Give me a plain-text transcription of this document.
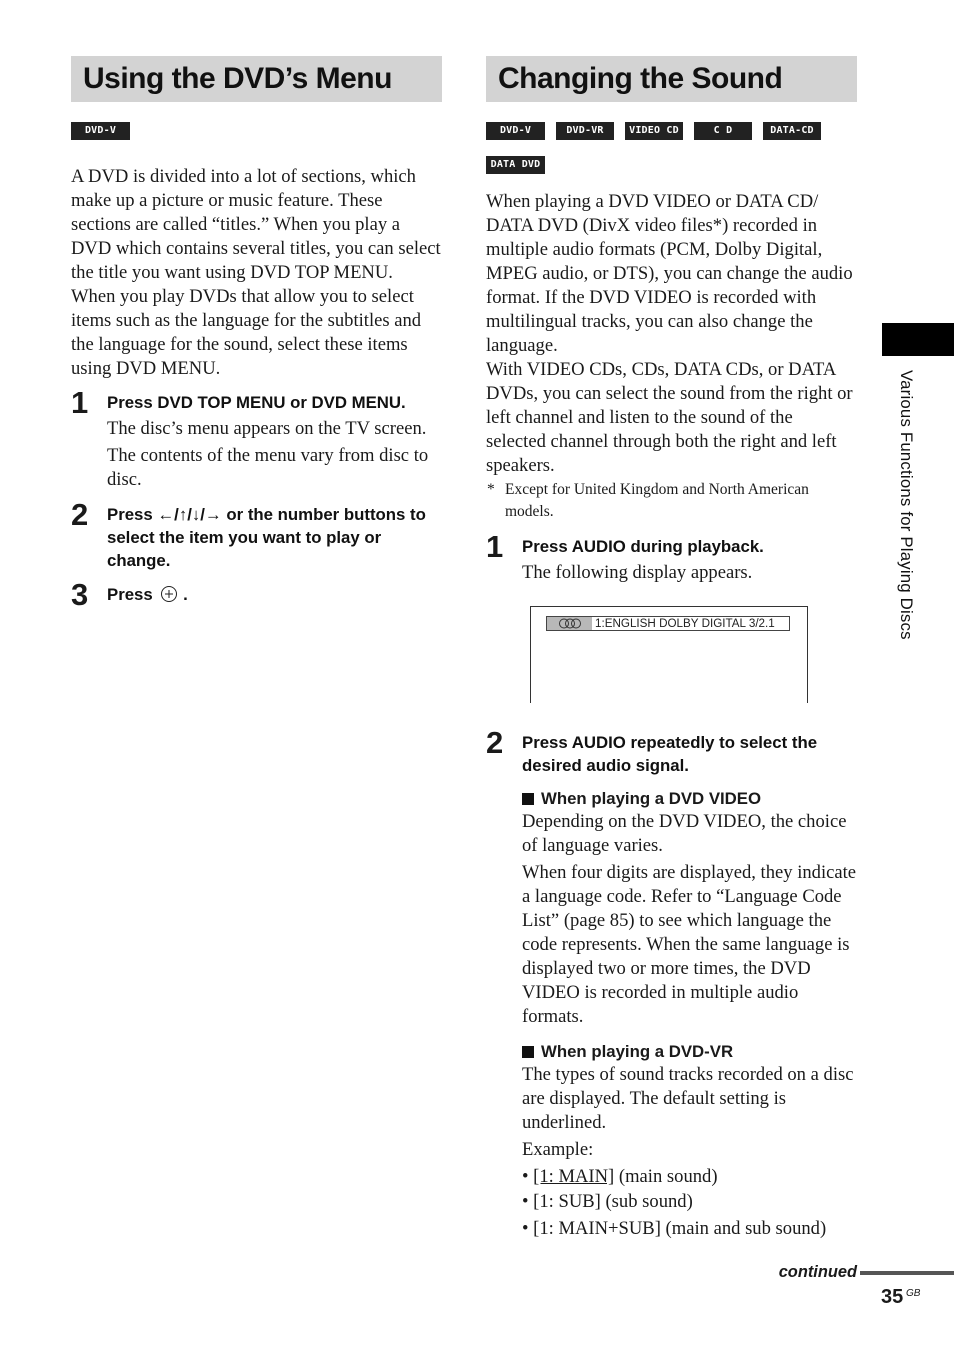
Using the DVD’s Menu
DVD-V

A DVD is divided into a lot of sections, which make up a picture or music feature. These sections are called “titles.” When you play a DVD which contains several titles, you can select the title you want using DVD TOP MENU.

When you play DVDs that allow you to select items such as the language for the subtitles and the language for the sound, select these items using DVD MENU.

1 Press DVD TOP MENU or DVD MENU.

The disc’s menu appears on the TV screen.

The contents of the menu vary from disc to disc.

2 Press ←/↑/↓/→ or the number buttons to select the item you want to play or change.
3 Press .
Changing the Sound
DVD-V	DVD-VR	VIDEO CD	C D	DATA-CD
DATA DVD

When playing a DVD VIDEO or DATA CD/ DATA DVD (DivX video files*) recorded in multiple audio formats (PCM, Dolby Digital, MPEG audio, or DTS), you can change the audio format. If the DVD VIDEO is recorded with multilingual tracks, you can also change the language.

With VIDEO CDs, CDs, DATA CDs, or DATA DVDs, you can select the sound from the right or left channel and listen to the sound of the selected channel through both the right and left speakers.

* Except for United Kingdom and North American models.
1 Press AUDIO during playback.

The following display appears.

1:ENGLISH DOLBY DIGITAL 3/2.1
2 Press AUDIO repeatedly to select the desired audio signal.
When playing a DVD VIDEO

Depending on the DVD VIDEO, the choice of language varies.

When four digits are displayed, they indicate a language code. Refer to “Language Code List” (page 85) to see which language the code represents. When the same language is displayed two or more times, the DVD VIDEO is recorded in multiple audio formats.

When playing a DVD-VR

The types of sound tracks recorded on a disc are displayed. The default setting is underlined.

Example:

• [1: MAIN] (main sound)
• [1: SUB] (sub sound)
• [1: MAIN+SUB] (main and sub sound)
Various Functions for Playing Discs
continued
35 GB
